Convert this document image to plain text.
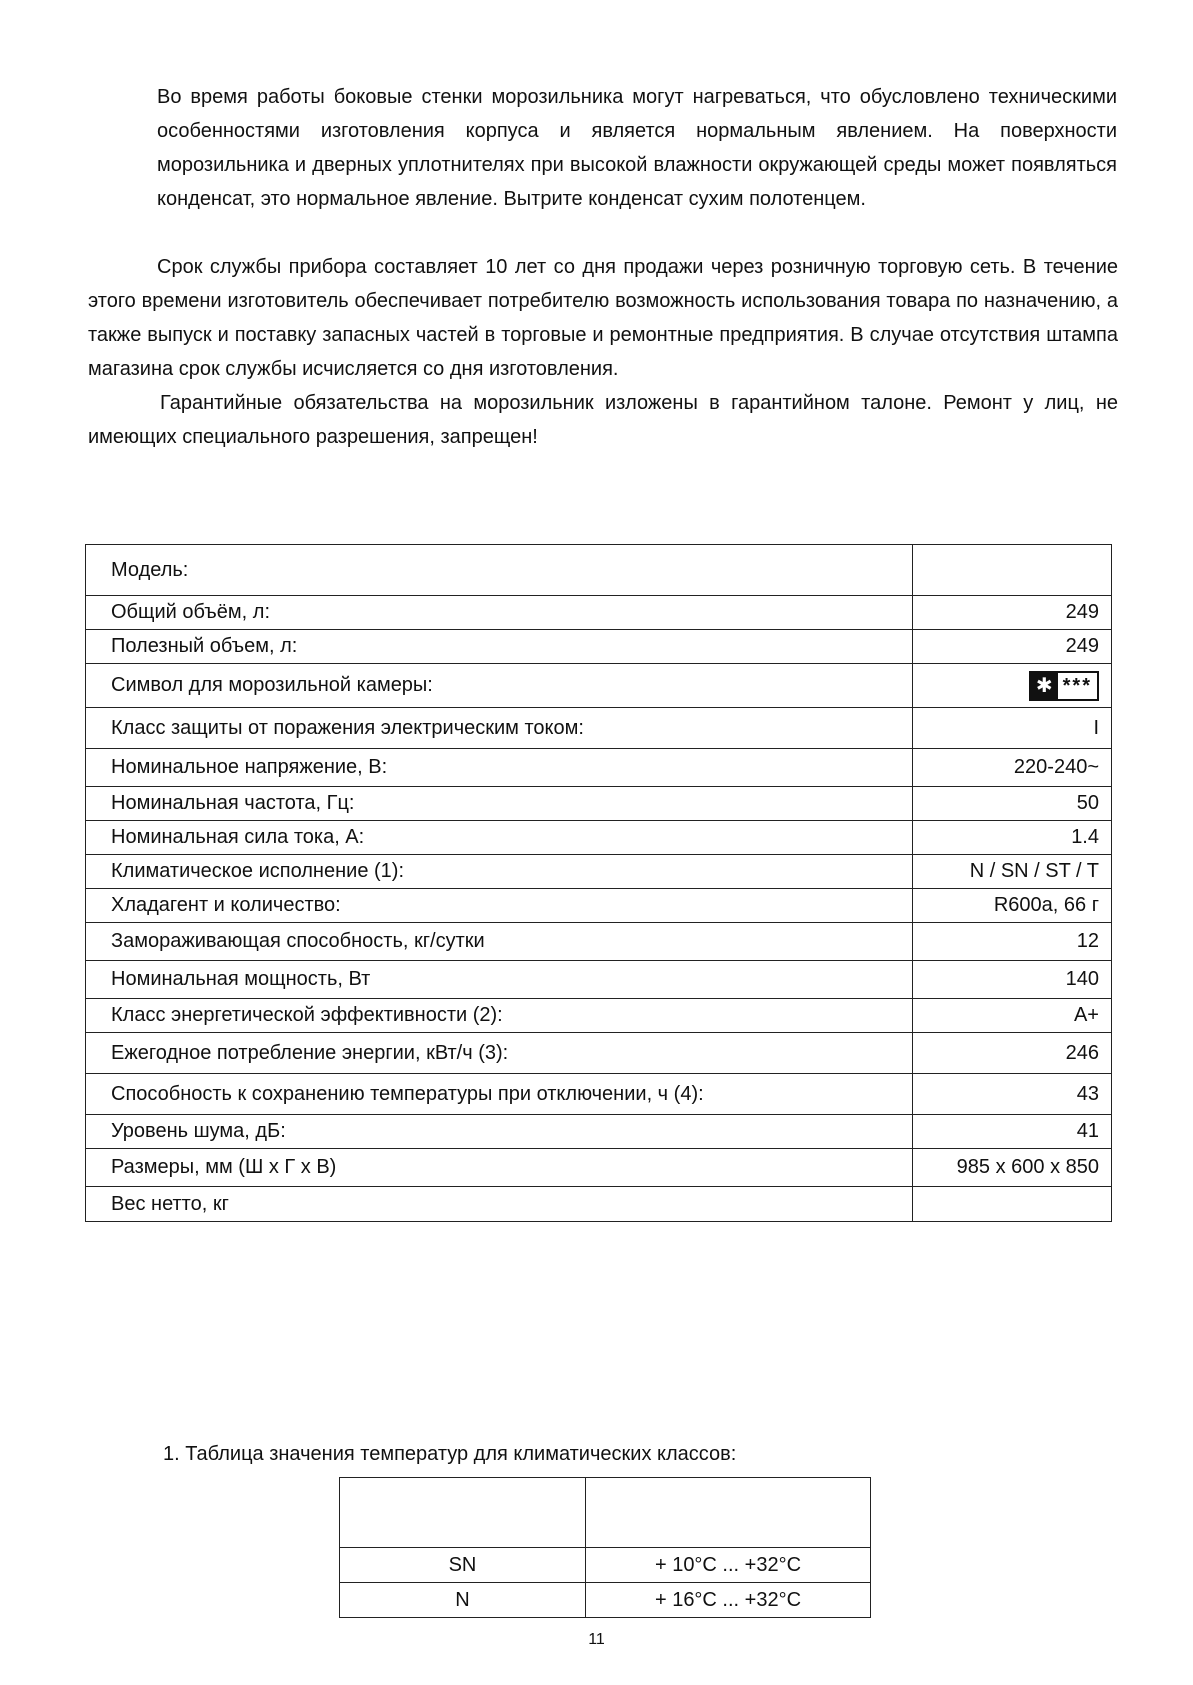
Во время работы боковые стенки морозильника могут нагреваться, что обусловлено техническими особенностями изготовления корпуса и является нормальным явлением. На поверхности морозильника и дверных уплотнителях при высокой влажности окружающей среды может появляться конденсат, это нормальное явление. Вытрите конденсат сухим полотенцем.

Срок службы прибора составляет 10 лет со дня продажи через розничную торговую сеть. В течение этого времени изготовитель обеспечивает потребителю возможность использования товара по назначению, а также выпуск и поставку запасных частей в торговые и ремонтные предприятия. В случае отсутствия штампа магазина срок службы исчисляется со дня изготовления.

Гарантийные обязательства на морозильник изложены в гарантийном талоне. Ремонт у лиц, не имеющих специального разрешения, запрещен!

Модель:	
Общий объём, л:	249
Полезный объем, л:	249
Символ для морозильной камеры:	✱ ***

Класс защиты от поражения электрическим током:	I
Номинальное напряжение, В:	220-240~
Номинальная частота, Гц:	50
Номинальная сила тока, А:	1.4
Климатическое исполнение (1):	N / SN / ST / T
Хладагент и количество:	R600a, 66 г
Замораживающая способность, кг/сутки	12
Номинальная мощность, Вт	140
Класс энергетической эффективности (2):	А+
Ежегодное потребление энергии, кВт/ч (3):	246
Способность к сохранению температуры при отключении, ч (4):	43
Уровень шума, дБ:	41
Размеры, мм (Ш х Г х В)	985 x 600 x 850
Вес нетто, кг	

1. Таблица значения температур для климатических классов:

SN	+ 10°C ... +32°C
N	+ 16°C ... +32°C
11
